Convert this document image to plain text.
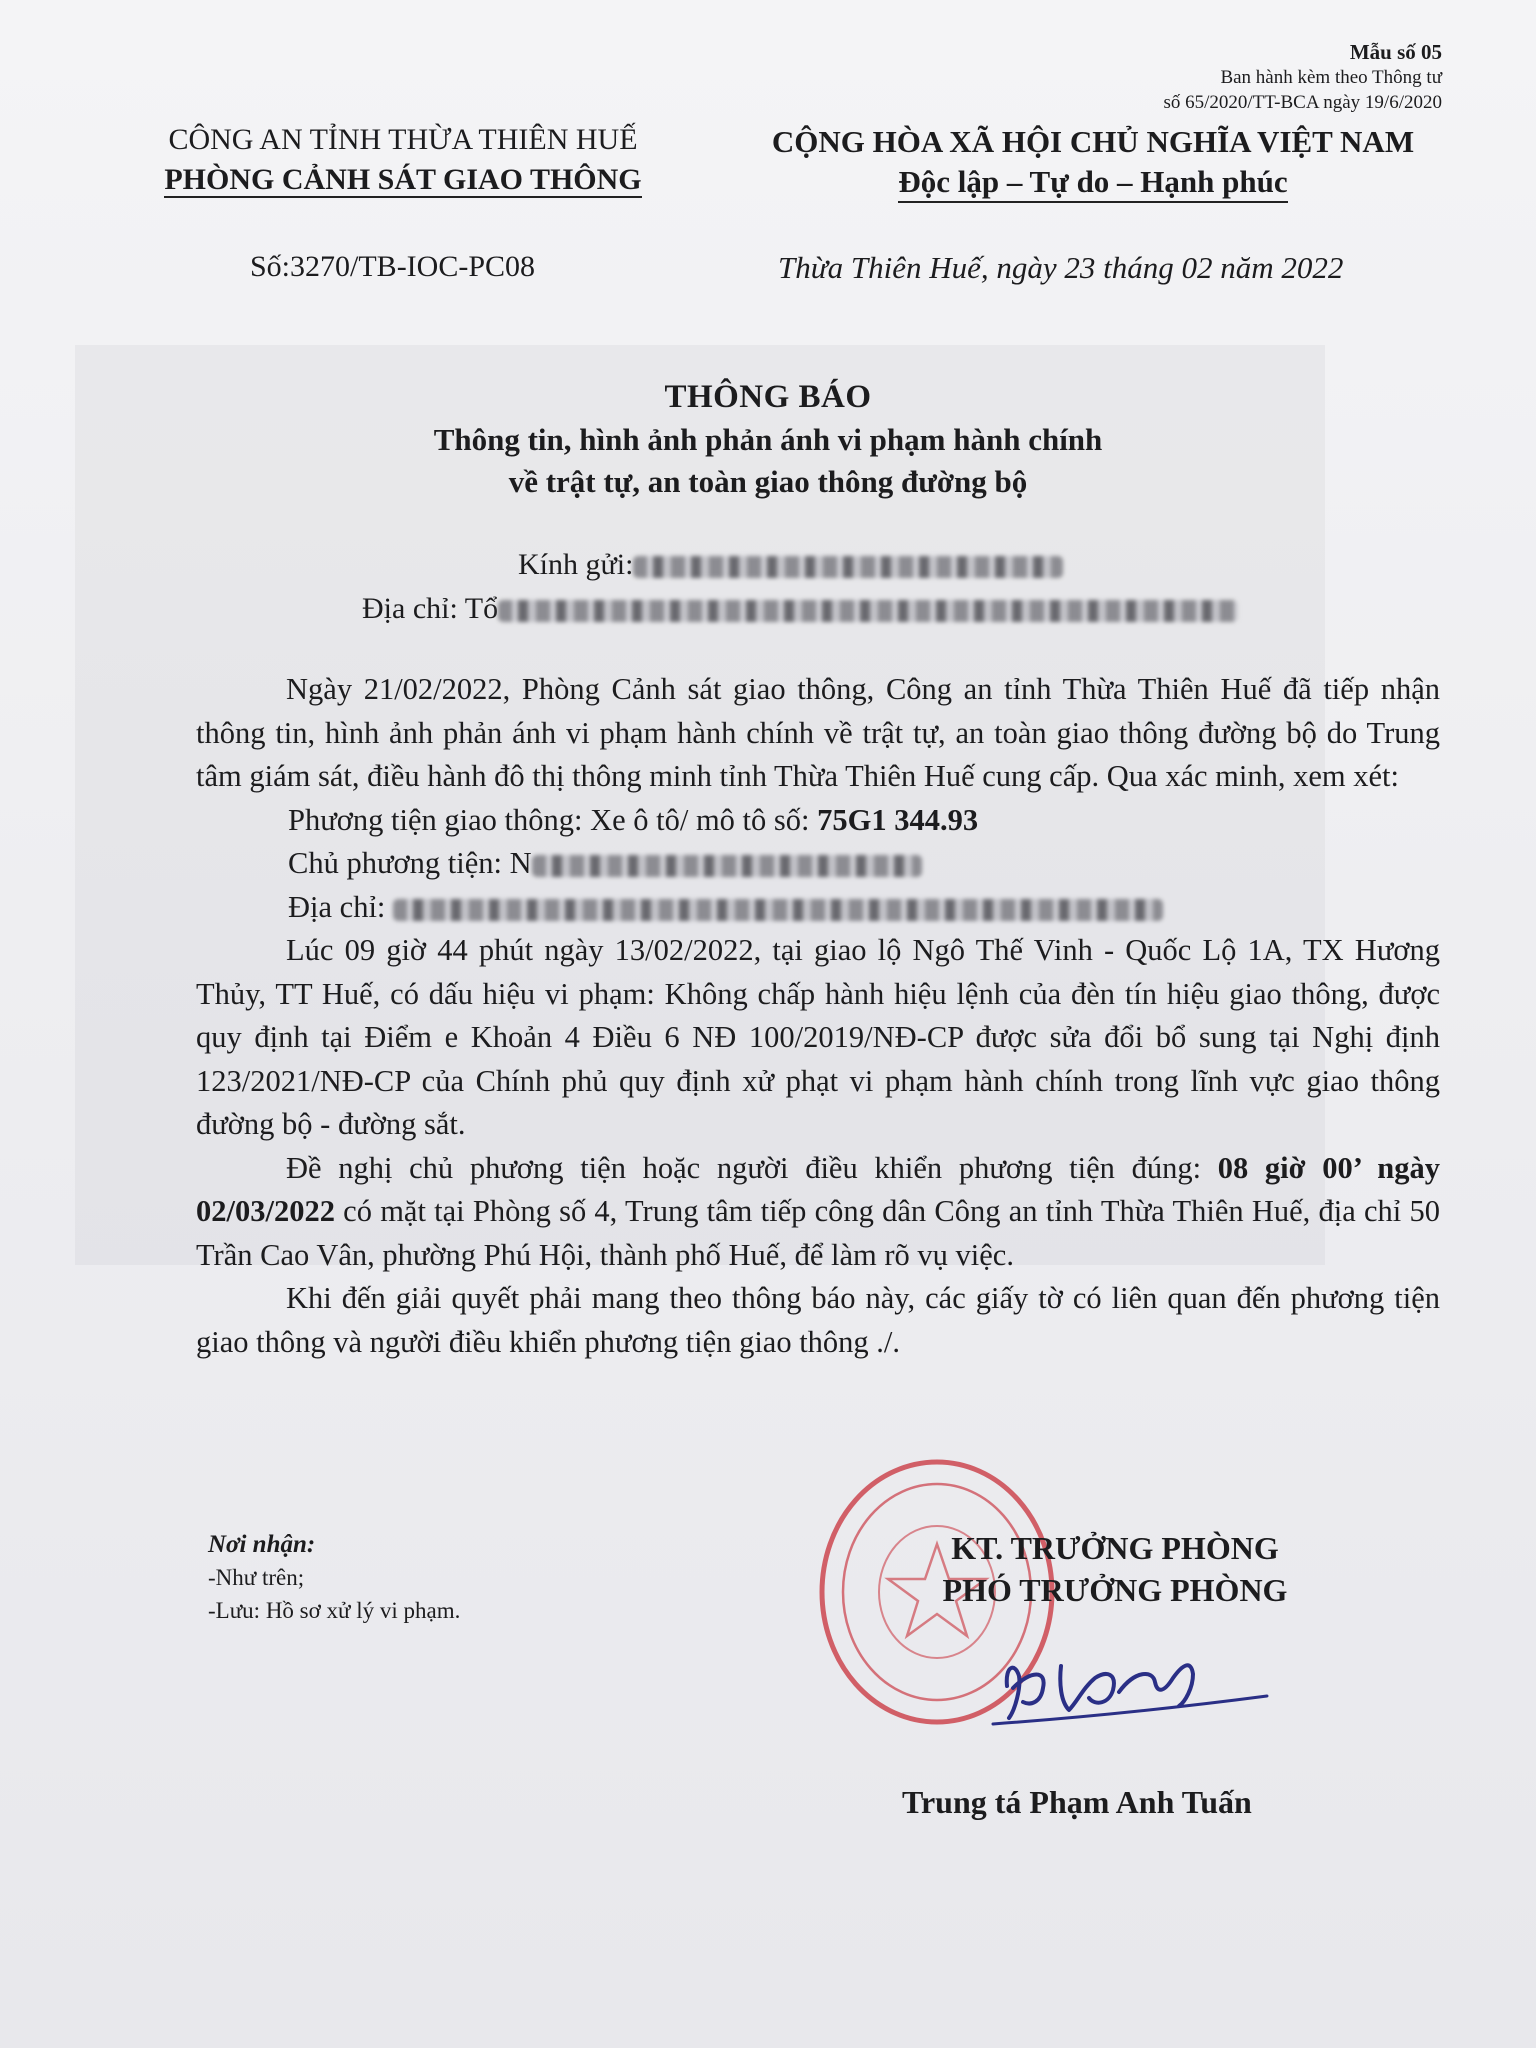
Mẫu số 05
Ban hành kèm theo Thông tư
số 65/2020/TT-BCA ngày 19/6/2020
CÔNG AN TỈNH THỪA THIÊN HUẾ
PHÒNG CẢNH SÁT GIAO THÔNG
CỘNG HÒA XÃ HỘI CHỦ NGHĨA VIỆT NAM
Độc lập – Tự do – Hạnh phúc
Số:3270/TB-IOC-PC08	Thừa Thiên Huế, ngày 23 tháng 02 năm 2022
THÔNG BÁO
Thông tin, hình ảnh phản ánh vi phạm hành chính
về trật tự, an toàn giao thông đường bộ
Kính gửi:
Địa chỉ: Tổ

Ngày 21/02/2022, Phòng Cảnh sát giao thông, Công an tỉnh Thừa Thiên Huế đã tiếp nhận thông tin, hình ảnh phản ánh vi phạm hành chính về trật tự, an toàn giao thông đường bộ do Trung tâm giám sát, điều hành đô thị thông minh tỉnh Thừa Thiên Huế cung cấp. Qua xác minh, xem xét:

Phương tiện giao thông: Xe ô tô/ mô tô số: 75G1 344.93

Chủ phương tiện: N

Địa chỉ:

Lúc 09 giờ 44 phút ngày 13/02/2022, tại giao lộ Ngô Thế Vinh - Quốc Lộ 1A, TX Hương Thủy, TT Huế, có dấu hiệu vi phạm: Không chấp hành hiệu lệnh của đèn tín hiệu giao thông, được quy định tại Điểm e Khoản 4 Điều 6 NĐ 100/2019/NĐ-CP được sửa đổi bổ sung tại Nghị định 123/2021/NĐ-CP của Chính phủ quy định xử phạt vi phạm hành chính trong lĩnh vực giao thông đường bộ - đường sắt.

Đề nghị chủ phương tiện hoặc người điều khiển phương tiện đúng: 08 giờ 00’ ngày 02/03/2022 có mặt tại Phòng số 4, Trung tâm tiếp công dân Công an tỉnh Thừa Thiên Huế, địa chỉ 50 Trần Cao Vân, phường Phú Hội, thành phố Huế, để làm rõ vụ việc.

Khi đến giải quyết phải mang theo thông báo này, các giấy tờ có liên quan đến phương tiện giao thông và người điều khiển phương tiện giao thông ./.

Nơi nhận:
-Như trên;
-Lưu: Hồ sơ xử lý vi phạm.
KT. TRƯỞNG PHÒNG
PHÓ TRƯỞNG PHÒNG
Trung tá Phạm Anh Tuấn
